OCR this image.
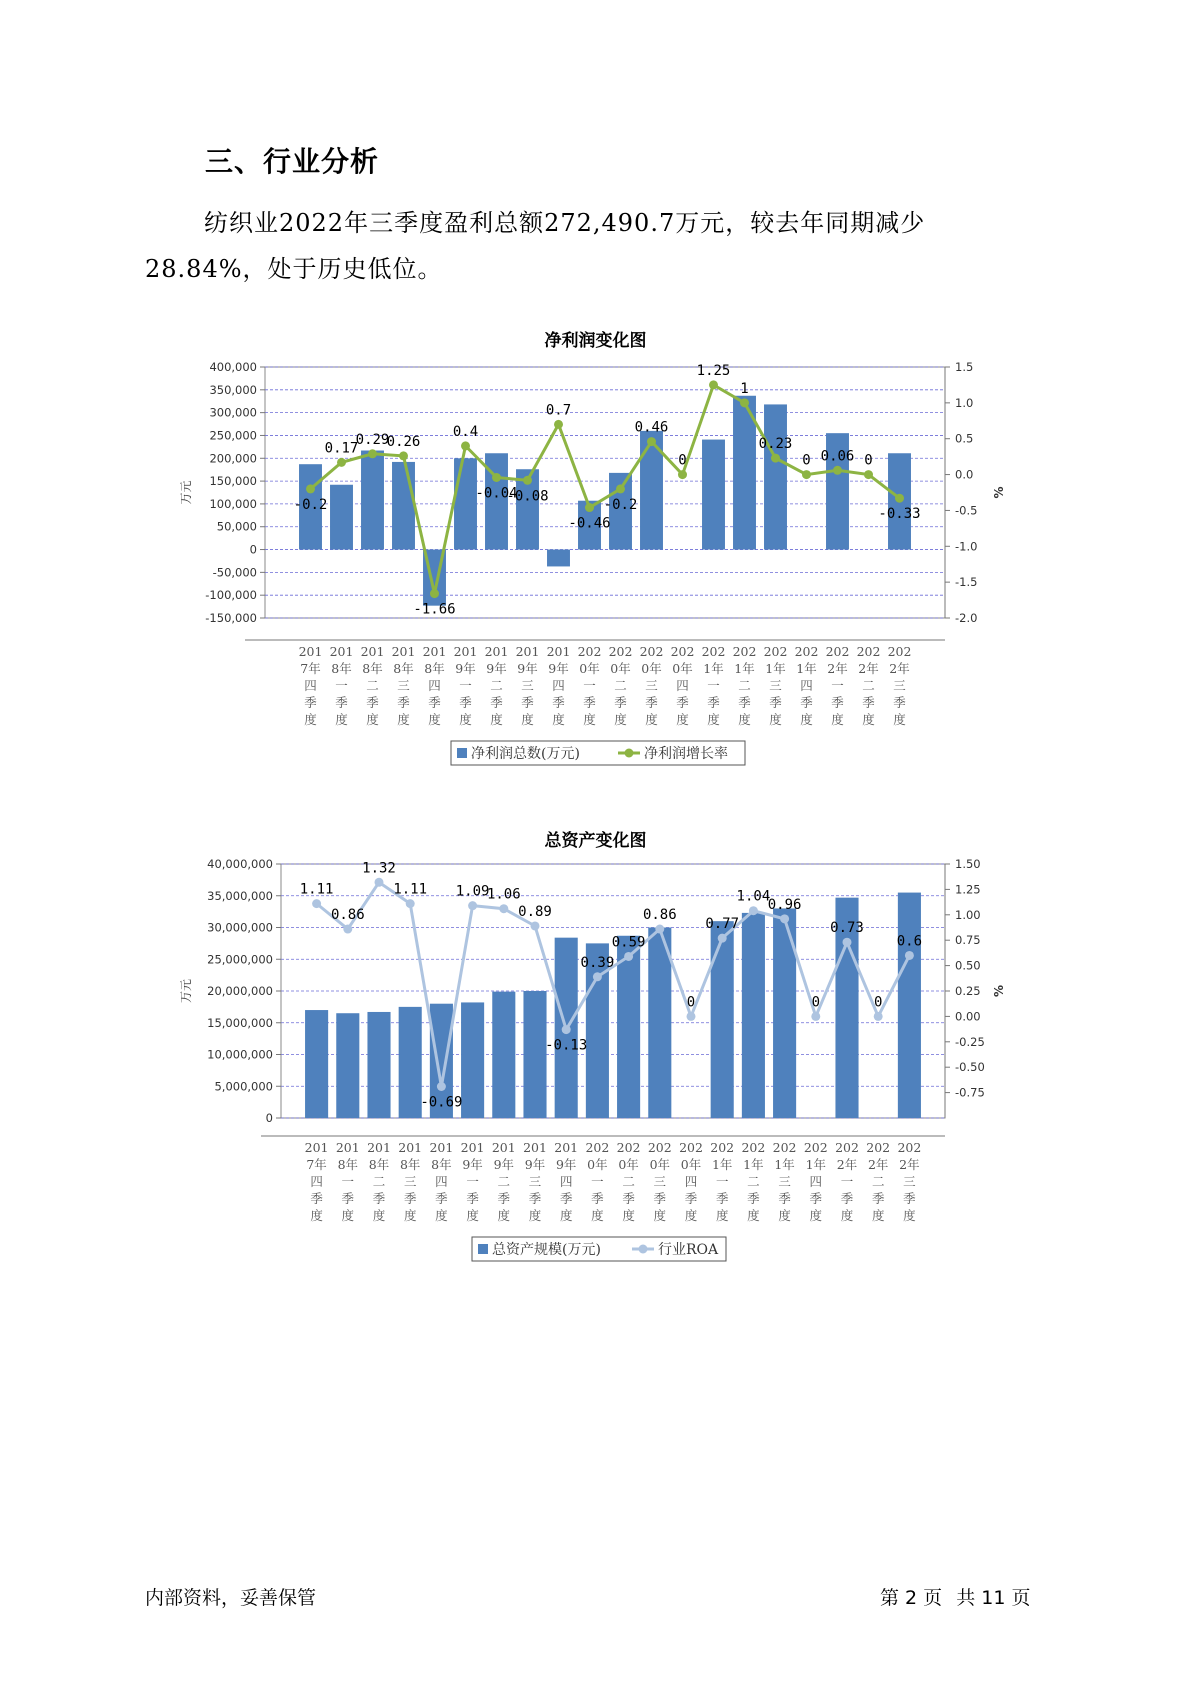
三、行业分析
纺织业2022年三季度盈利总额272,490.7万元，较去年同期减少
28.84%，处于历史低位。
净利润变化图
400,000
350,000
300,000
250,000
200,000
150,000
100,000
50,000
0
-50,000
-100,000
-150,000
1.5
1.0
0.5
0.0
-0.5
-1.0
-1.5
-2.0
万元	%
-0.2
0.17
0.29
0.26
-1.66
0.4
-0.04
-0.08
0.7
-0.46
-0.2
0.46
0
1.25
1
0.23
0 0.06 0
-0.33
201
7年
四
季
度
201
8年
一
季
度
201
8年
二
季
度
201
8年
三
季
度
201
8年
四
季
度
201
9年
一
季
度
201
9年
二
季
度
201
9年
三
季
度
201
9年
四
季
度
202
0年
一
季
度
202
0年
二
季
度
202
0年
三
季
度
202
0年
四
季
度
202
1年
一
季
度
202
1年
二
季
度
202
1年
三
季
度
202
1年
四
季
度
202
2年
一
季
度
202
2年
二
季
度
202
2年
三
季
度
净利润总数(万元)	净利润增长率
总资产变化图
40,000,000
35,000,000
30,000,000
25,000,000
20,000,000
15,000,000
10,000,000
5,000,000
0
1.50
1.25
1.00
0.75
0.50
0.25
0.00
-0.25
-0.50
-0.75
万元	%
1.11
0.86
1.32
1.11
-0.69
1.09
1.06
0.89
-0.13
0.39
0.59
0.86
0
0.77
1.04
0.96
0
0.73
0
0.6
201
7年
四
季
度
201
8年
一
季
度
201
8年
二
季
度
201
8年
三
季
度
201
8年
四
季
度
201
9年
一
季
度
201
9年
二
季
度
201
9年
三
季
度
201
9年
四
季
度
202
0年
一
季
度
202
0年
二
季
度
202
0年
三
季
度
202
0年
四
季
度
202
1年
一
季
度
202
1年
二
季
度
202
1年
三
季
度
202
1年
四
季
度
202
2年
一
季
度
202
2年
二
季
度
202
2年
三
季
度
总资产规模(万元)	行业ROA
内部资料，妥善保管	第 2 页 共 11 页
